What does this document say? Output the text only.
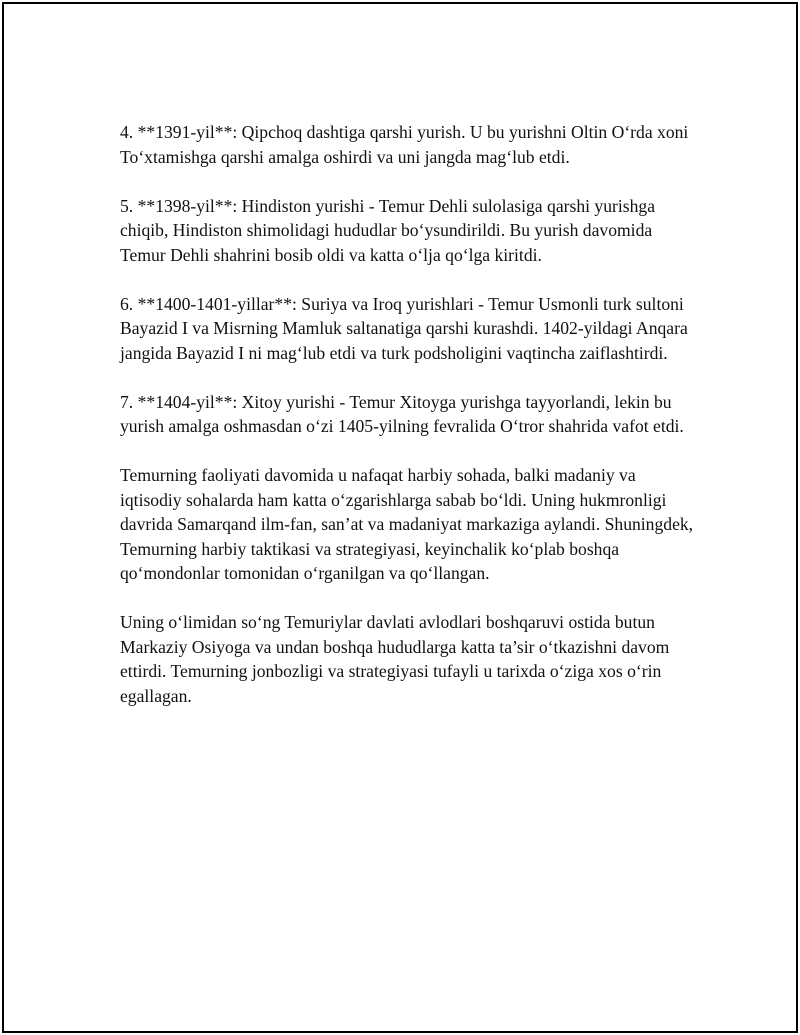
4. **1391-yil**: Qipchoq dashtiga qarshi yurish. U bu yurishni Oltin O‘rda xoni To‘xtamishga qarshi amalga oshirdi va uni jangda mag‘lub etdi.

5. **1398-yil**: Hindiston yurishi - Temur Dehli sulolasiga qarshi yurishga chiqib, Hindiston shimolidagi hududlar bo‘ysundirildi. Bu yurish davomida Temur Dehli shahrini bosib oldi va katta o‘lja qo‘lga kiritdi.

6. **1400-1401-yillar**: Suriya va Iroq yurishlari - Temur Usmonli turk sultoni Bayazid I va Misrning Mamluk saltanatiga qarshi kurashdi. 1402-yildagi Anqara jangida Bayazid I ni mag‘lub etdi va turk podsholigini vaqtincha zaiflashtirdi.

7. **1404-yil**: Xitoy yurishi - Temur Xitoyga yurishga tayyorlandi, lekin bu yurish amalga oshmasdan o‘zi 1405-yilning fevralida O‘tror shahrida vafot etdi.

Temurning faoliyati davomida u nafaqat harbiy sohada, balki madaniy va iqtisodiy sohalarda ham katta o‘zgarishlarga sabab bo‘ldi. Uning hukmronligi davrida Samarqand ilm-fan, san’at va madaniyat markaziga aylandi. Shuningdek, Temurning harbiy taktikasi va strategiyasi, keyinchalik ko‘plab boshqa qo‘mondonlar tomonidan o‘rganilgan va qo‘llangan.

Uning o‘limidan so‘ng Temuriylar davlati avlodlari boshqaruvi ostida butun Markaziy Osiyoga va undan boshqa hududlarga katta ta’sir o‘tkazishni davom ettirdi. Temurning jonbozligi va strategiyasi tufayli u tarixda o‘ziga xos o‘rin egallagan.
